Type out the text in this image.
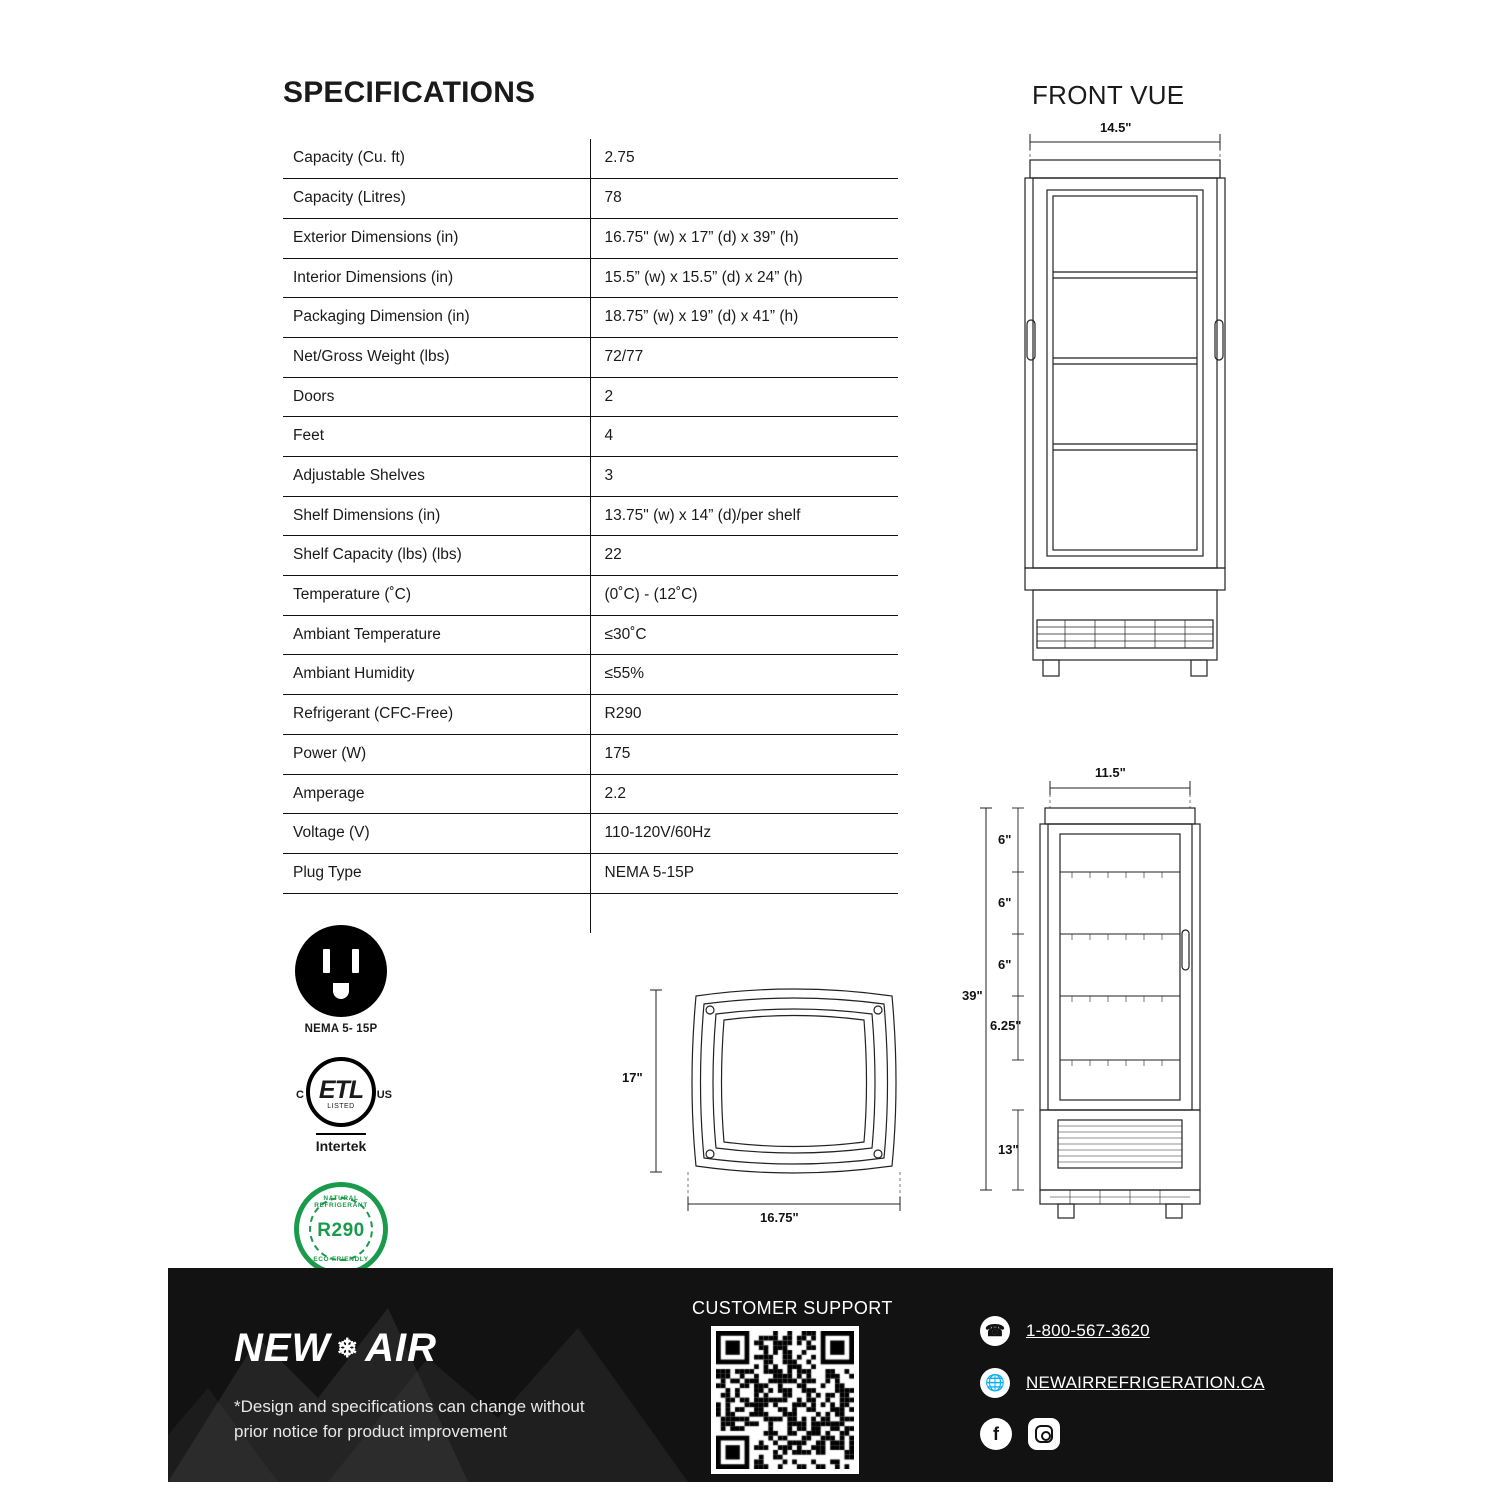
SPECIFICATIONS	FRONT VUE
Capacity (Cu. ft)	2.75
Capacity (Litres)	78
Exterior Dimensions (in)	16.75" (w) x 17” (d) x 39” (h)
Interior Dimensions (in)	15.5” (w) x 15.5” (d) x 24” (h)
Packaging Dimension (in)	18.75” (w) x 19” (d) x 41” (h)
Net/Gross Weight (lbs)	72/77
Doors	2
Feet	4
Adjustable Shelves	3
Shelf Dimensions (in)	13.75" (w) x 14” (d)/per shelf
Shelf Capacity (lbs) (lbs)	22
Temperature (˚C)	(0˚C) - (12˚C)
Ambiant Temperature	≤30˚C
Ambiant Humidity	≤55%
Refrigerant (CFC-Free)	R290
Power (W)	175
Amperage	2.2
Voltage (V)	110-120V/60Hz
Plug Type	NEMA 5-15P

NEMA 5- 15P
ETL
LISTED
C	US
Intertek
NATURAL REFRIGERANT
R290
ECO-FRIENDLY
14.5"
11.5"
39"
6"
6"
6"
6.25"
13"
17"
16.75"
NEW ❄ AIR
*Design and specifications can change without
prior notice for product improvement
CUSTOMER SUPPORT
☎ 1-800-567-3620
🌐 NEWAIRREFRIGERATION.CA
f
